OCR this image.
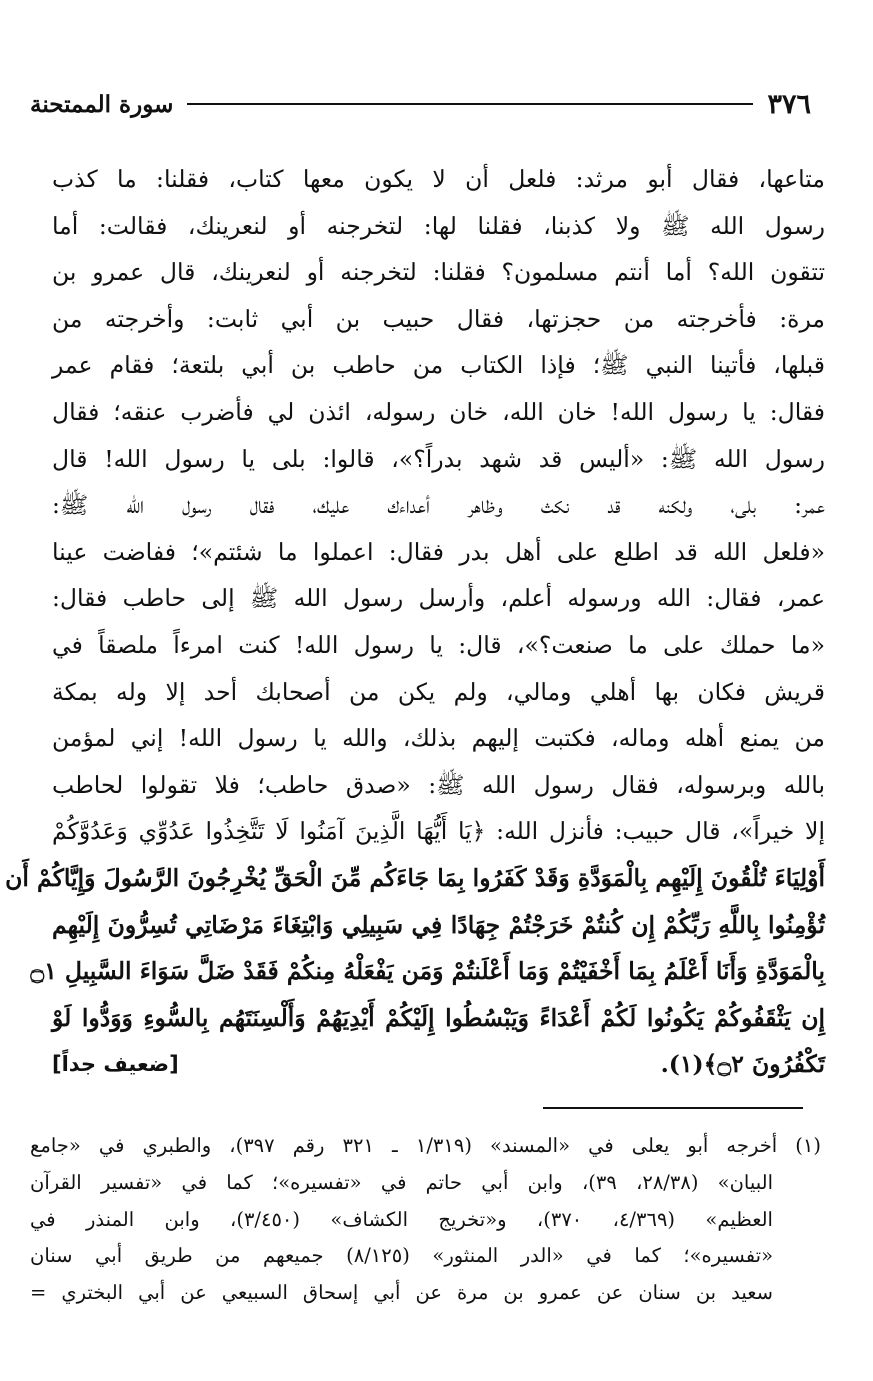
٣٧٦
سورة الممتحنة
متاعها، فقال أبو مرثد: فلعل أن لا يكون معها كتاب، فقلنا: ما كذب
رسول الله ﷺ ولا كذبنا، فقلنا لها: لتخرجنه أو لنعرينك، فقالت: أما
تتقون الله؟ أما أنتم مسلمون؟ فقلنا: لتخرجنه أو لنعرينك، قال عمرو بن
مرة: فأخرجته من حجزتها، فقال حبيب بن أبي ثابت: وأخرجته من
قبلها، فأتينا النبي ﷺ؛ فإذا الكتاب من حاطب بن أبي بلتعة؛ فقام عمر
فقال: يا رسول الله! خان الله، خان رسوله، ائذن لي فأضرب عنقه؛ فقال
رسول الله ﷺ: «أليس قد شهد بدراً؟»، قالوا: بلى يا رسول الله! قال
عمر: بلى، ولكنه قد نكث وظاهر أعداءك عليك، فقال رسول الله ﷺ:
«فلعل الله قد اطلع على أهل بدر فقال: اعملوا ما شئتم»؛ ففاضت عينا
عمر، فقال: الله ورسوله أعلم، وأرسل رسول الله ﷺ إلى حاطب فقال:
«ما حملك على ما صنعت؟»، قال: يا رسول الله! كنت امرءاً ملصقاً في
قريش فكان بها أهلي ومالي، ولم يكن من أصحابك أحد إلا وله بمكة
من يمنع أهله وماله، فكتبت إليهم بذلك، والله يا رسول الله! إني لمؤمن
بالله وبرسوله، فقال رسول الله ﷺ: «صدق حاطب؛ فلا تقولوا لحاطب
إلا خيراً»، قال حبيب: فأنزل الله: ﴿يَا أَيُّهَا الَّذِينَ آمَنُوا لَا تَتَّخِذُوا عَدُوِّي وَعَدُوَّكُمْ
أَوْلِيَاءَ تُلْقُونَ إِلَيْهِم بِالْمَوَدَّةِ وَقَدْ كَفَرُوا بِمَا جَاءَكُم مِّنَ الْحَقِّ يُخْرِجُونَ الرَّسُولَ وَإِيَّاكُمْ أَن
تُؤْمِنُوا بِاللَّهِ رَبِّكُمْ إِن كُنتُمْ خَرَجْتُمْ جِهَادًا فِي سَبِيلِي وَابْتِغَاءَ مَرْضَاتِي تُسِرُّونَ إِلَيْهِم
بِالْمَوَدَّةِ وَأَنَا أَعْلَمُ بِمَا أَخْفَيْتُمْ وَمَا أَعْلَنتُمْ وَمَن يَفْعَلْهُ مِنكُمْ فَقَدْ ضَلَّ سَوَاءَ السَّبِيلِ ۝١
إِن يَثْقَفُوكُمْ يَكُونُوا لَكُمْ أَعْدَاءً وَيَبْسُطُوا إِلَيْكُمْ أَيْدِيَهُمْ وَأَلْسِنَتَهُم بِالسُّوءِ وَوَدُّوا لَوْ
تَكْفُرُونَ ۝٢﴾(١).
[ضعيف جداً]
(١) أخرجه أبو يعلى في «المسند» (١/٣١٩ ـ ٣٢١ رقم ٣٩٧)، والطبري في «جامع
البيان» (٢٨/٣٨، ٣٩)، وابن أبي حاتم في «تفسيره»؛ كما في «تفسير القرآن
العظيم» (٤/٣٦٩، ٣٧٠)، و«تخريج الكشاف» (٣/٤٥٠)، وابن المنذر في
«تفسيره»؛ كما في «الدر المنثور» (٨/١٢٥) جميعهم من طريق أبي سنان
سعيد بن سنان عن عمرو بن مرة عن أبي إسحاق السبيعي عن أبي البختري =
